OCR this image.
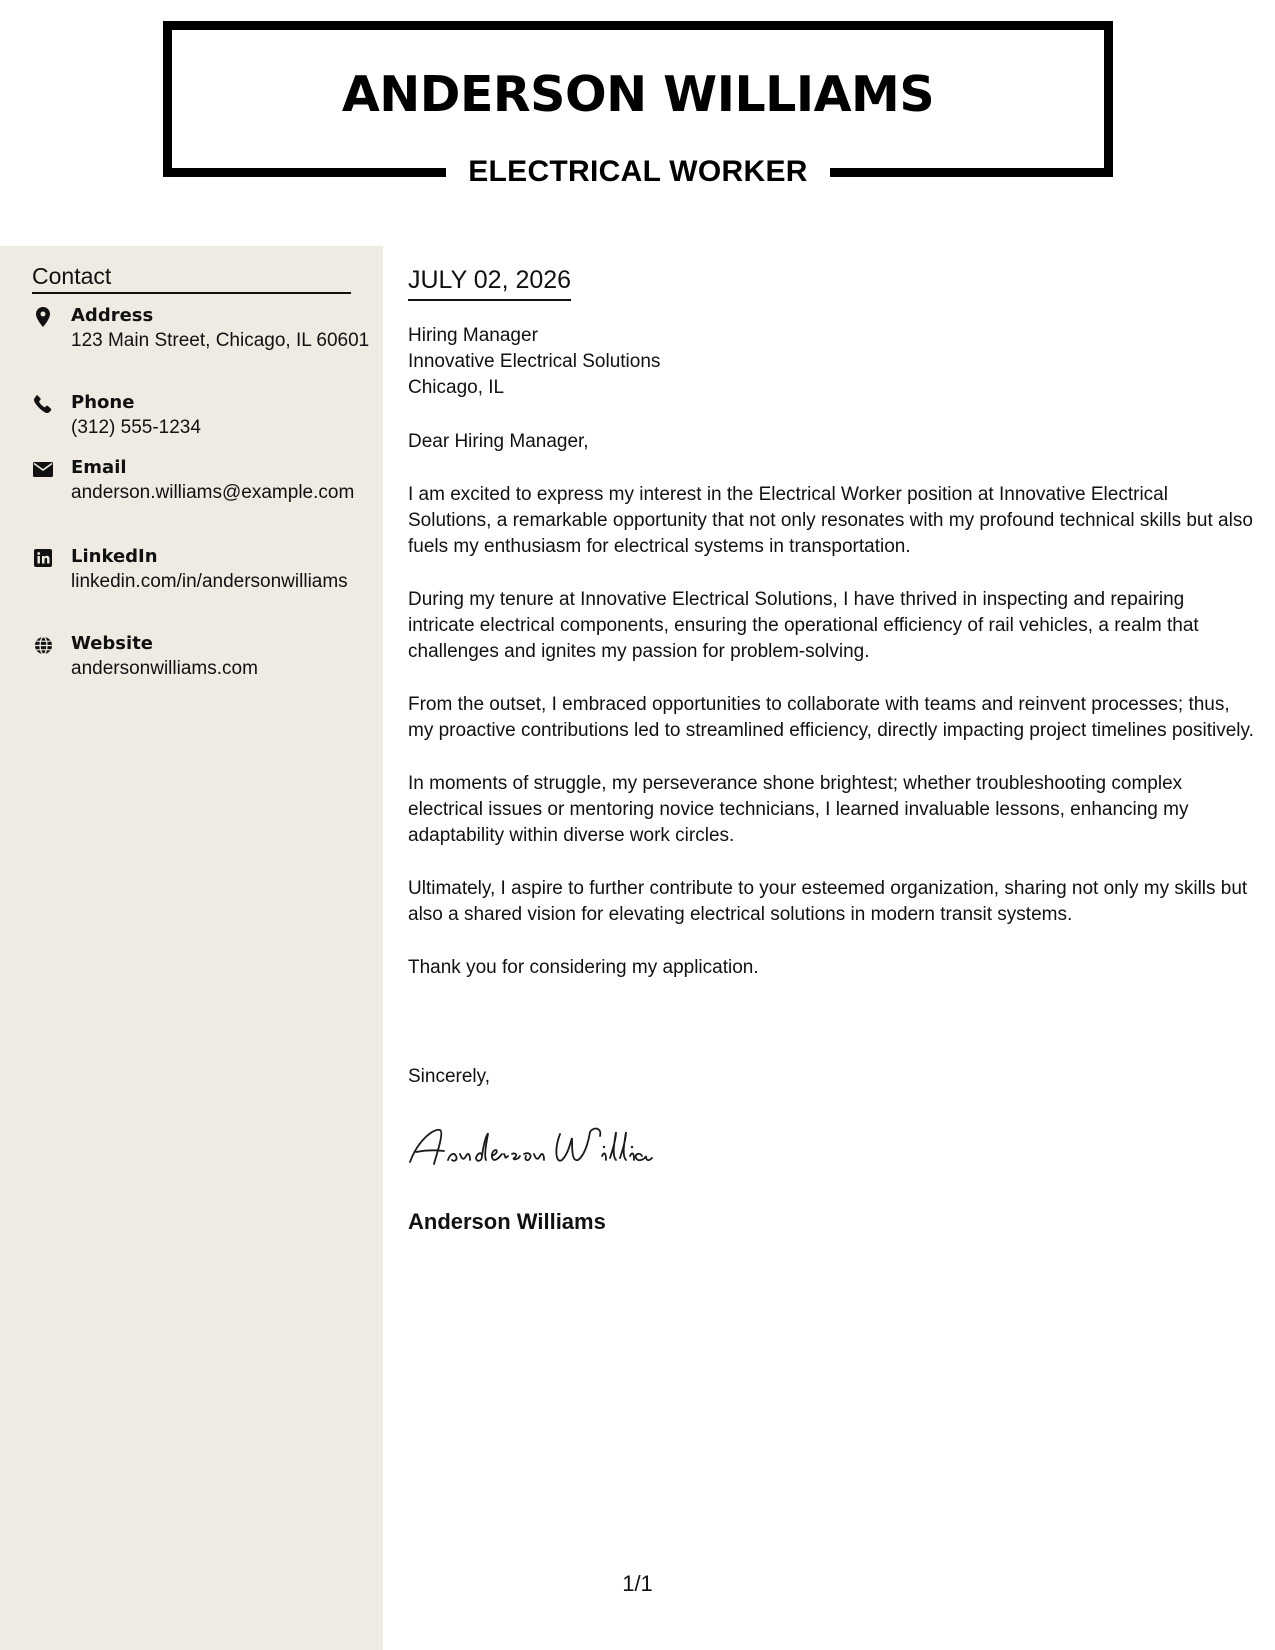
ANDERSON WILLIAMS
ELECTRICAL WORKER
Contact
Address
123 Main Street, Chicago, IL 60601
Phone
(312) 555-1234
Email
anderson.williams@example.com
LinkedIn
linkedin.com/in/andersonwilliams
Website
andersonwilliams.com
JULY 02, 2026
Hiring Manager
Innovative Electrical Solutions
Chicago, IL

Dear Hiring Manager,

I am excited to express my interest in the Electrical Worker position at Innovative Electrical Solutions, a remarkable opportunity that not only resonates with my profound technical skills but also fuels my enthusiasm for electrical systems in transportation.

During my tenure at Innovative Electrical Solutions, I have thrived in inspecting and repairing intricate electrical components, ensuring the operational efficiency of rail vehicles, a realm that challenges and ignites my passion for problem-solving.

From the outset, I embraced opportunities to collaborate with teams and reinvent processes; thus, my proactive contributions led to streamlined efficiency, directly impacting project timelines positively.

In moments of struggle, my perseverance shone brightest; whether troubleshooting complex electrical issues or mentoring novice technicians, I learned invaluable lessons, enhancing my adaptability within diverse work circles.

Ultimately, I aspire to further contribute to your esteemed organization, sharing not only my skills but also a shared vision for elevating electrical solutions in modern transit systems.

Thank you for considering my application.

Sincerely,
Anderson Williams
1/1
